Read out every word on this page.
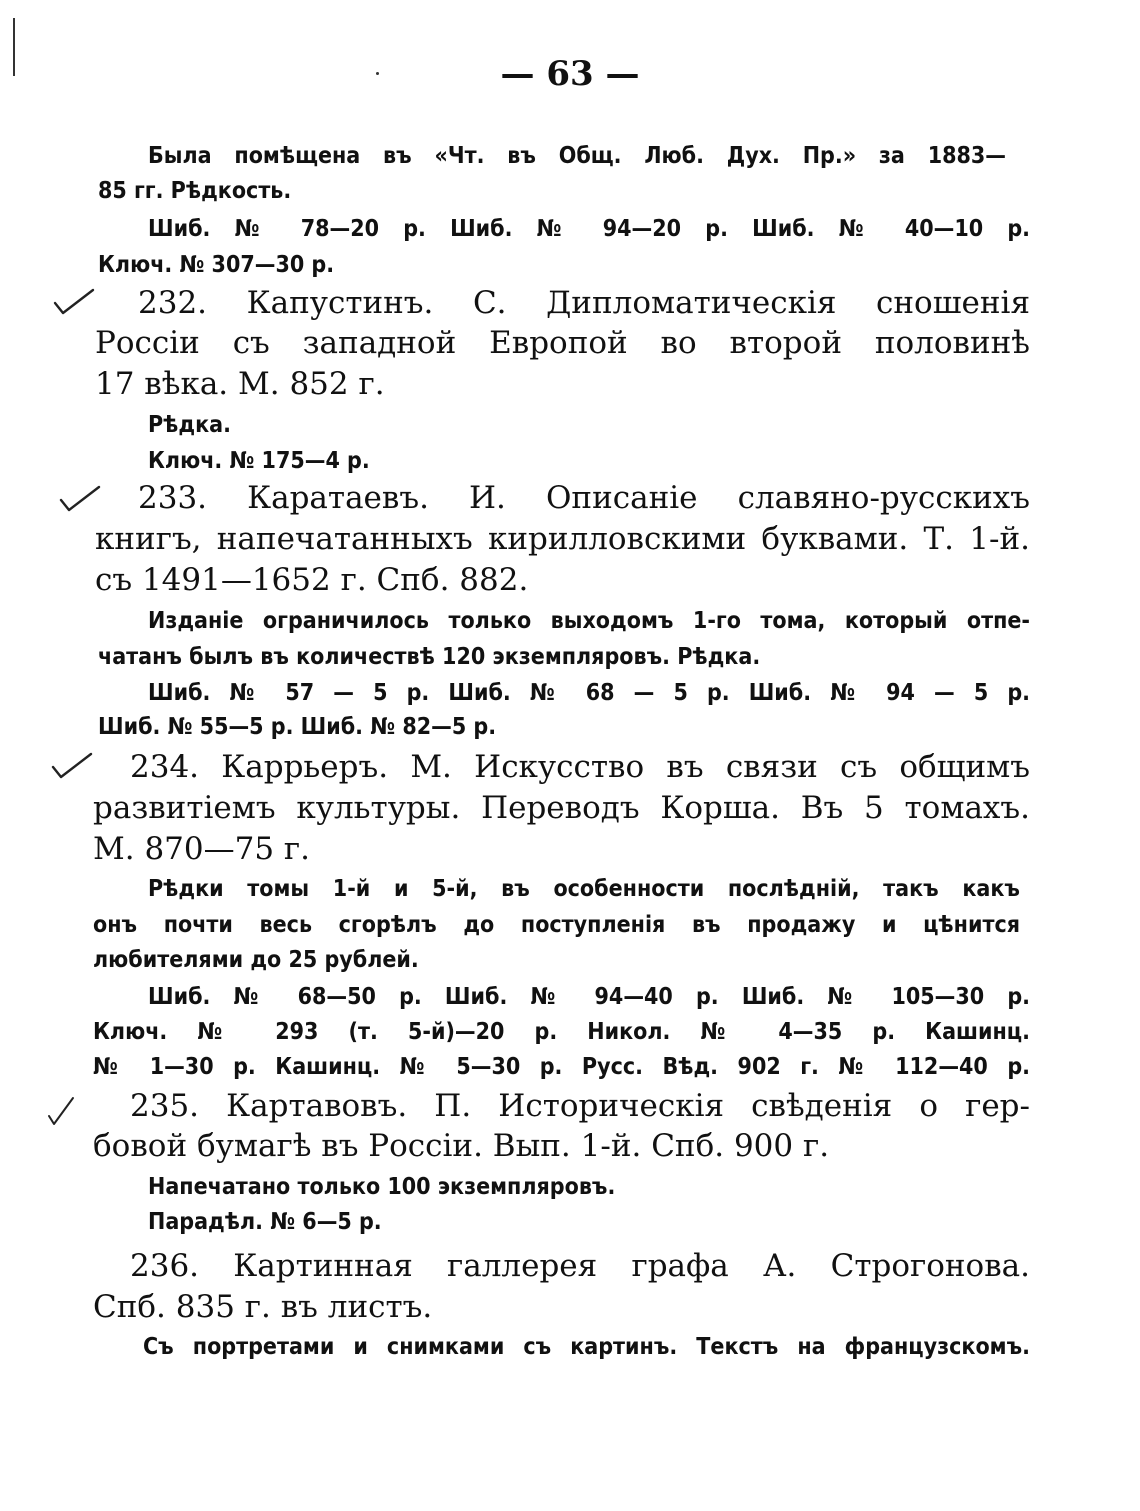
— 63 —
Была помѣщена въ «Чт. въ Общ. Люб. Дух. Пр.» за 1883—
85 гг. Рѣдкость.
Шиб. № 78—20 р. Шиб. № 94—20 р. Шиб. № 40—10 р.
Ключ. № 307—30 р.
232. Капустинъ. С. Дипломатическія сношенія
Россіи съ западной Европой во второй половинѣ
17 вѣка. М. 852 г.
Рѣдка.
Ключ. № 175—4 р.
233. Каратаевъ. И. Описаніе славяно-русскихъ
книгъ, напечатанныхъ кирилловскими буквами. Т. 1-й.
съ 1491—1652 г. Спб. 882.
Изданіе ограничилось только выходомъ 1-го тома, который отпе-
чатанъ былъ въ количествѣ 120 экземпляровъ. Рѣдка.
Шиб. № 57 — 5 р. Шиб. № 68 — 5 р. Шиб. № 94 — 5 р.
Шиб. № 55—5 р. Шиб. № 82—5 р.
234. Каррьеръ. М. Искусство въ связи съ общимъ
развитіемъ культуры. Переводъ Корша. Въ 5 томахъ.
М. 870—75 г.
Рѣдки томы 1-й и 5-й, въ особенности послѣдній, такъ какъ
онъ почти весь сгорѣлъ до поступленія въ продажу и цѣнится
любителями до 25 рублей.
Шиб. № 68—50 р. Шиб. № 94—40 р. Шиб. № 105—30 р.
Ключ. № 293 (т. 5-й)—20 р. Никол. № 4—35 р. Кашинц.
№ 1—30 р. Кашинц. № 5—30 р. Русс. Вѣд. 902 г. № 112—40 р.
235. Картавовъ. П. Историческія свѣденія о гер-
бовой бумагѣ въ Россіи. Вып. 1-й. Спб. 900 г.
Напечатано только 100 экземпляровъ.
Парадѣл. № 6—5 р.
236. Картинная галлерея графа А. Строгонова.
Спб. 835 г. въ листъ.
Съ портретами и снимками съ картинъ. Текстъ на французскомъ.
